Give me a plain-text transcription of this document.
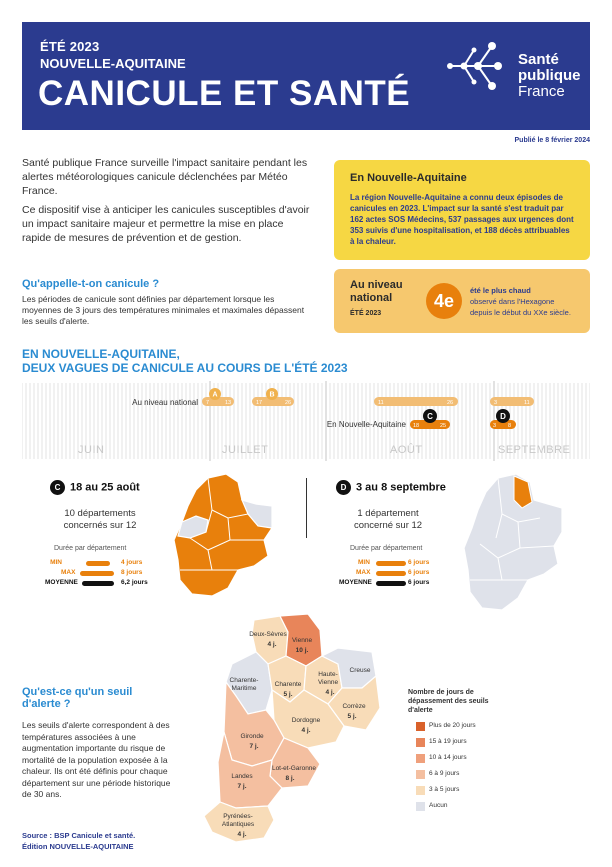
ÉTÉ 2023
NOUVELLE-AQUITAINE
CANICULE ET SANTÉ
Santé
publique
France
Publié le 8 février 2024

Santé publique France surveille l'impact sanitaire pendant les alertes météorologiques canicule déclenchées par Météo France.

Ce dispositif vise à anticiper les canicules susceptibles d'avoir un impact sanitaire majeur et permettre la mise en place rapide de mesures de prévention et de gestion.

En Nouvelle-Aquitaine

La région Nouvelle-Aquitaine a connu deux épisodes de canicules en 2023. L'impact sur la santé s'est traduit par 162 actes SOS Médecins, 537 passages aux urgences dont 353 suivis d'une hospitalisation, et 188 décès attribuables à la chaleur.

Au niveau
national
ÉTÉ 2023
4e
été le plus chaud
observé dans l'Hexagone
depuis le début du XXe siècle.
Qu'appelle-t-on canicule ?

Les périodes de canicule sont définies par département lorsque les moyennes de 3 jours des températures minimales et maximales dépassent les seuils d'alerte.

EN NOUVELLE-AQUITAINE,
DEUX VAGUES DE CANICULE AU COURS DE L'ÉTÉ 2023
Au niveau national
En Nouvelle-Aquitaine
A
7	13
B
17	26	11	26	3	11
C
18	25
D
3 8
JUIN	JUILLET	AOÛT	SEPTEMBRE
C 18 au 25 août
10 départements
concernés sur 12
Durée par département
MIN	4 jours
MAX	8 jours
MOYENNE	6,2 jours
D 3 au 8 septembre
1 département
concerné sur 12
Durée par département
MIN	6 jours
MAX	6 jours
MOYENNE	6 jours
Qu'est-ce qu'un seuil
d'alerte ?

Les seuils d'alerte correspondent à des températures associées à une augmentation importante du risque de mortalité de la population exposée à la chaleur. Ils ont été définis pour chaque département sur une période historique de 30 ans.

Deux-Sèvres
4 j.
Vienne
10 j.
Charente-Maritime
Charente
5 j.
Haute-Vienne
4 j.
Creuse
Corrèze
5 j.
Dordogne
4 j.
Gironde
7 j.
Lot-et-Garonne
8 j.
Landes
7 j.
Pyrénées-Atlantiques
4 j.
Nombre de jours de dépassement des seuils d'alerte
Plus de 20 jours
15 à 19 jours
10 à 14 jours
6 à 9 jours
3 à 5 jours
Aucun
Source : BSP Canicule et santé.
Édition NOUVELLE-AQUITAINE
